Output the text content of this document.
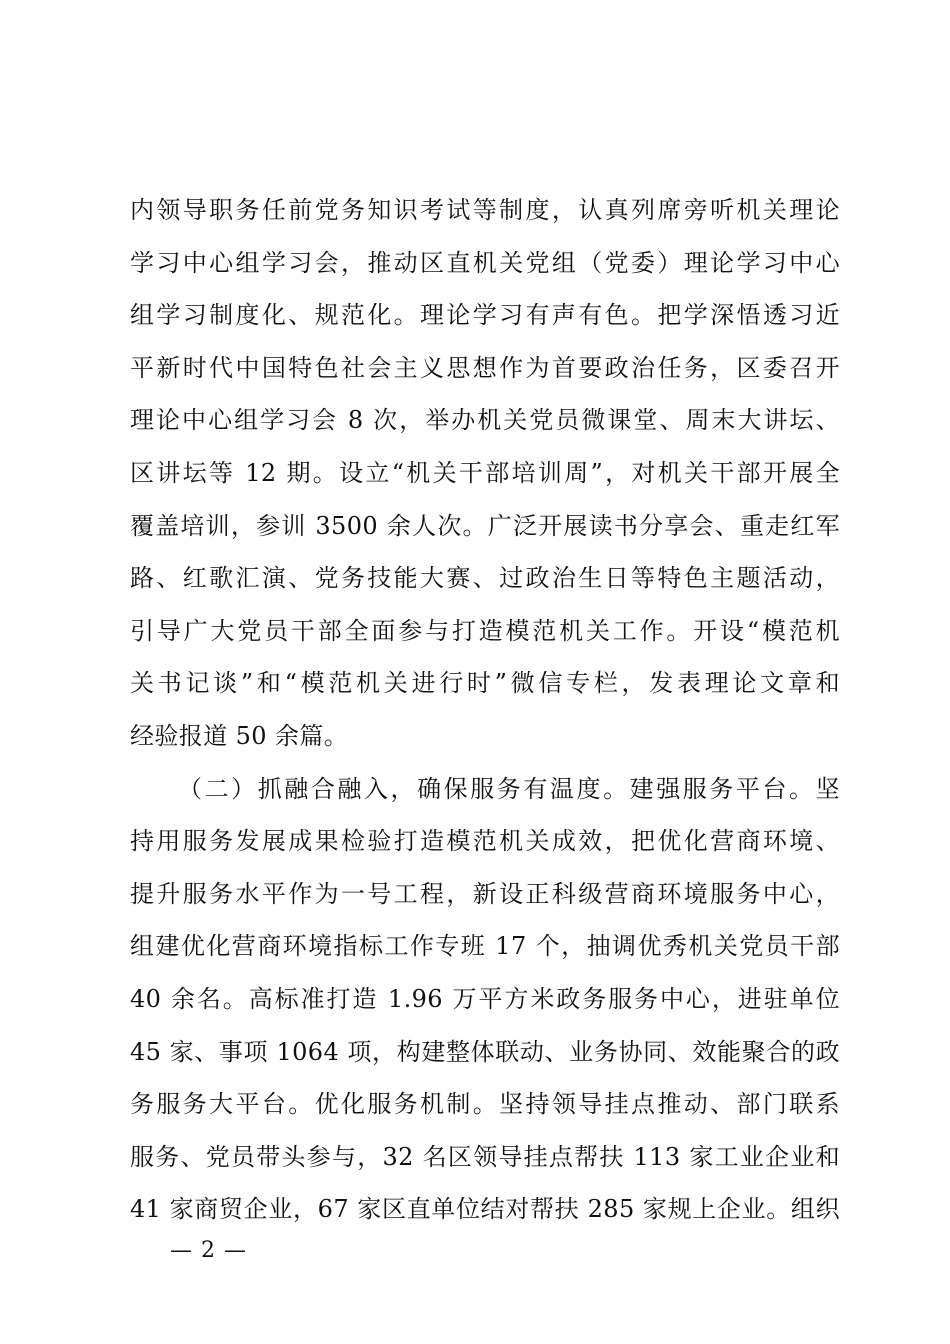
内领导职务任前党务知识考试等制度，认真列席旁听机关理论
学习中心组学习会，推动区直机关党组（党委）理论学习中心
组学习制度化、规范化。理论学习有声有色。把学深悟透习近
平新时代中国特色社会主义思想作为首要政治任务，区委召开
理论中心组学习会 8 次，举办机关党员微课堂、周末大讲坛、
区讲坛等 12 期。设立“机关干部培训周”，对机关干部开展全
覆盖培训，参训 3500 余人次。广泛开展读书分享会、重走红军
路、红歌汇演、党务技能大赛、过政治生日等特色主题活动，
引导广大党员干部全面参与打造模范机关工作。开设“模范机
关书记谈”和“模范机关进行时”微信专栏，发表理论文章和
经验报道 50 余篇。
（二）抓融合融入，确保服务有温度。建强服务平台。坚
持用服务发展成果检验打造模范机关成效，把优化营商环境、
提升服务水平作为一号工程，新设正科级营商环境服务中心，
组建优化营商环境指标工作专班 17 个，抽调优秀机关党员干部
40 余名。高标准打造 1.96 万平方米政务服务中心，进驻单位
45 家、事项 1064 项，构建整体联动、业务协同、效能聚合的政
务服务大平台。优化服务机制。坚持领导挂点推动、部门联系
服务、党员带头参与，32 名区领导挂点帮扶 113 家工业企业和
41 家商贸企业，67 家区直单位结对帮扶 285 家规上企业。组织
— 2 —
